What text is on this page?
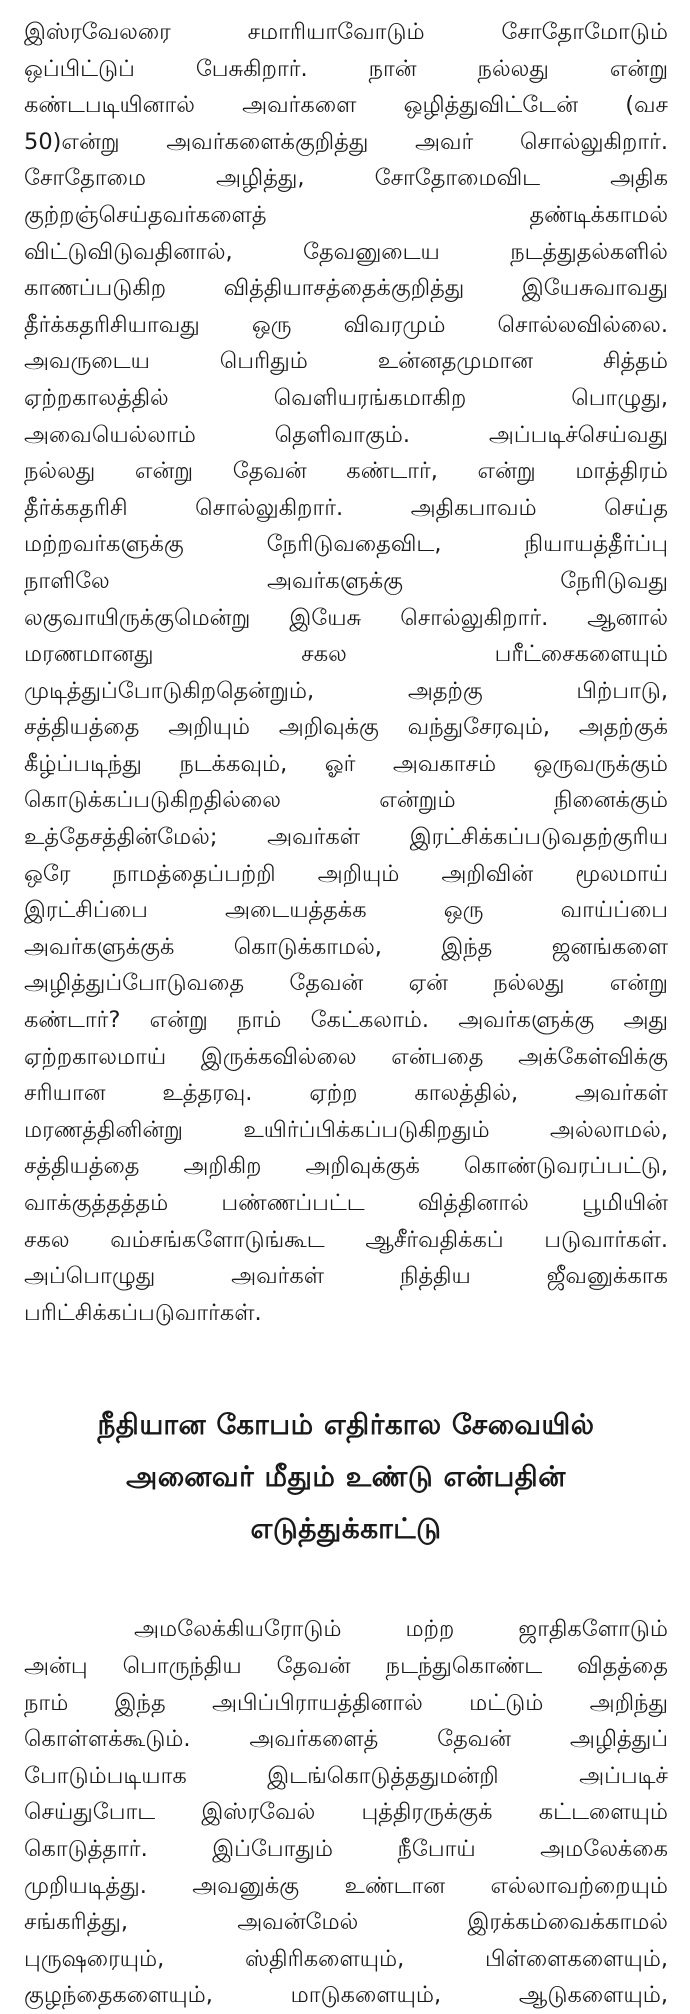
இஸ்ரவேலரை சமாரியாவோடும் சோதோமோடும்

ஒப்பிட்டுப் பேசுகிறார். நான் நல்லது என்று

கண்டபடியினால் அவர்களை ஒழித்துவிட்டேன் (வச

50)என்று அவர்களைக்குறித்து அவர் சொல்லுகிறார்.

சோதோமை அழித்து, சோதோமைவிட அதிக

குற்றஞ்செய்தவர்களைத் தண்டிக்காமல்

விட்டுவிடுவதினால், தேவனுடைய நடத்துதல்களில்

காணப்படுகிற வித்தியாசத்தைக்குறித்து இயேசுவாவது

தீர்க்கதரிசியாவது ஒரு விவரமும் சொல்லவில்லை.

அவருடைய பெரிதும் உன்னதமுமான சித்தம்

ஏற்றகாலத்தில் வெளியரங்கமாகிற பொழுது,

அவையெல்லாம் தெளிவாகும். அப்படிச்செய்வது

நல்லது என்று தேவன் கண்டார், என்று மாத்திரம்

தீர்க்கதரிசி சொல்லுகிறார். அதிகபாவம் செய்த

மற்றவர்களுக்கு நேரிடுவதைவிட, நியாயத்தீர்ப்பு

நாளிலே அவர்களுக்கு நேரிடுவது

லகுவாயிருக்குமென்று இயேசு சொல்லுகிறார். ஆனால்

மரணமானது சகல பரீட்சைகளையும்

முடித்துப்போடுகிறதென்றும், அதற்கு பிற்பாடு,

சத்தியத்தை அறியும் அறிவுக்கு வந்துசேரவும், அதற்குக்

கீழ்ப்படிந்து நடக்கவும், ஓர் அவகாசம் ஒருவருக்கும்

கொடுக்கப்படுகிறதில்லை என்றும் நினைக்கும்

உத்தேசத்தின்மேல்; அவர்கள் இரட்சிக்கப்படுவதற்குரிய

ஒரே நாமத்தைப்பற்றி அறியும் அறிவின் மூலமாய்

இரட்சிப்பை அடையத்தக்க ஒரு வாய்ப்பை

அவர்களுக்குக் கொடுக்காமல், இந்த ஜனங்களை

அழித்துப்போடுவதை தேவன் ஏன் நல்லது என்று

கண்டார்? என்று நாம் கேட்கலாம். அவர்களுக்கு அது

ஏற்றகாலமாய் இருக்கவில்லை என்பதை அக்கேள்விக்கு

சரியான உத்தரவு. ஏற்ற காலத்தில், அவர்கள்

மரணத்தினின்று உயிர்ப்பிக்கப்படுகிறதும் அல்லாமல்,

சத்தியத்தை அறிகிற அறிவுக்குக் கொண்டுவரப்பட்டு,

வாக்குத்தத்தம் பண்ணப்பட்ட வித்தினால் பூமியின்

சகல வம்சங்களோடுங்கூட ஆசீர்வதிக்கப் படுவார்கள்.

அப்பொழுது அவர்கள் நித்திய ஜீவனுக்காக

பரிட்சிக்கப்படுவார்கள்.

நீதியான கோபம் எதிர்கால சேவையில்

அனைவர் மீதும் உண்டு என்பதின்

எடுத்துக்காட்டு

அமலேக்கியரோடும் மற்ற ஜாதிகளோடும்

அன்பு பொருந்திய தேவன் நடந்துகொண்ட விதத்தை

நாம் இந்த அபிப்பிராயத்தினால் மட்டும் அறிந்து

கொள்ளக்கூடும். அவர்களைத் தேவன் அழித்துப்

போடும்படியாக இடங்கொடுத்ததுமன்றி அப்படிச்

செய்துபோட இஸ்ரவேல் புத்திரருக்குக் கட்டளையும்

கொடுத்தார். இப்போதும் நீபோய் அமலேக்கை

முறியடித்து. அவனுக்கு உண்டான எல்லாவற்றையும்

சங்கரித்து, அவன்மேல் இரக்கம்வைக்காமல்

புருஷரையும், ஸ்திரிகளையும், பிள்ளைகளையும்,

குழந்தைகளையும், மாடுகளையும், ஆடுகளையும்,
